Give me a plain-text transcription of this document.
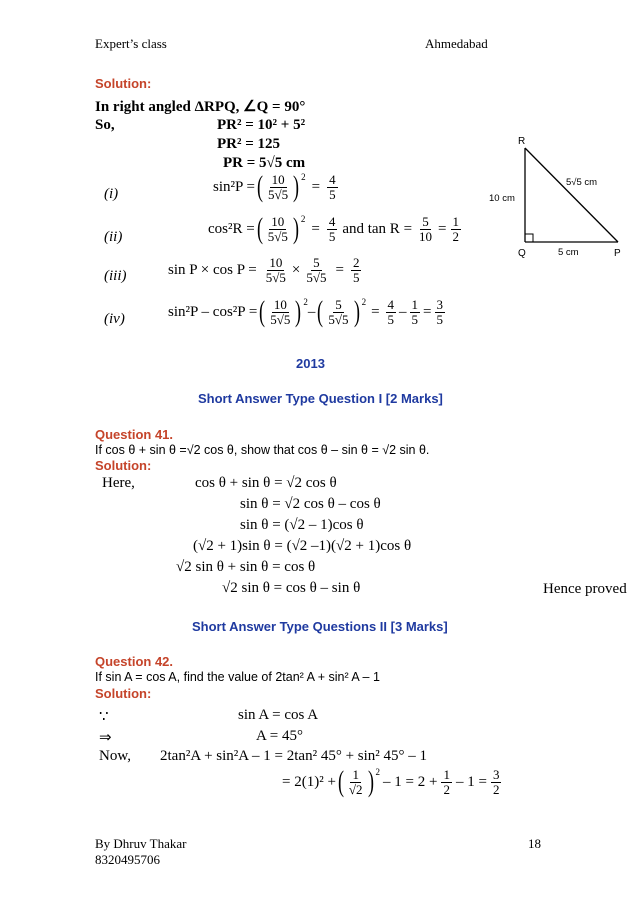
Expert’s class	Ahmedabad
Solution:
In right angled ΔRPQ, ∠Q = 90°
So,	PR² = 10² + 5²
PR² = 125
PR = 5√5 cm
(i)	sin²P = ( $\frac{10}{5√5} )^2$
= $\frac{4}{5}$
(ii)
cos²R = ( $\frac{10}{5√5} )^2$
= $\frac{4}{5}$ and $\tan R = \frac{5}{10} = \frac{1}{2}$
(iii)	$\sin P \times \cos P = \frac{10}{5√5} \times \frac{5}{5√5} = \frac{2}{5}$
(iv)	sin²P – cos²P = ( $\frac{10}{5√5} )^2$
– ( $\frac{5}{5√5} )^2$
= $\frac{4}{5} - \frac{1}{5} = \frac{3}{5}$
R
Q	P
10 cm
5 cm
5√5 cm
2013
Short Answer Type Question I [2 Marks]
Question 41.
If cos θ + sin θ =√2 cos θ, show that cos θ – sin θ = √2 sin θ.
Solution:
Here,	cos θ + sin θ = √2 cos θ
sin θ = √2 cos θ – cos θ
sin θ = (√2 – 1)cos θ
(√2 + 1)sin θ = (√2 –1)(√2 + 1)cos θ
√2 sin θ + sin θ = cos θ
√2 sin θ = cos θ – sin θ	Hence proved
Short Answer Type Questions II [3 Marks]
Question 42.
If sin A = cos A, find the value of 2tan² A + sin² A – 1
Solution:
∵	sin A = cos A
⇒	A = 45°
Now, 2tan²A + sin²A – 1 = 2tan² 45° + sin² 45° – 1
= 2(1)² + ( $\frac{1}{√2} )^2$
– $1 = 2 + \frac{1}{2} - 1 = \frac{3}{2}$
By Dhruv Thakar
8320495706
18
